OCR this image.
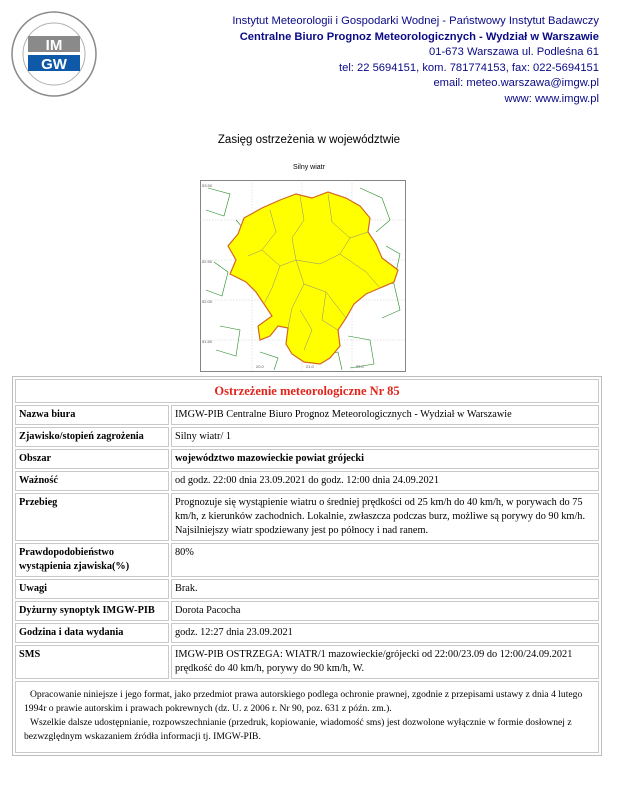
IM
GW
Instytut Meteorologii i Gospodarki Wodnej - Państwowy Instytut Badawczy
Centralne Biuro Prognoz Meteorologicznych - Wydział w Warszawie
01-673 Warszawa ul. Podleśna 61
tel: 22 5694151, kom. 781774153, fax: 022-5694151
email: meteo.warszawa@imgw.pl
www: www.imgw.pl
Zasięg ostrzeżenia w województwie
Silny wiatr
53.50
52.50
52.00
51.50
20.0	21.0	22.0
Ostrzeżenie meteorologiczne Nr 85	
Nazwa biura	IMGW-PIB Centralne Biuro Prognoz Meteorologicznych - Wydział w Warszawie
Zjawisko/stopień zagrożenia	Silny wiatr/ 1
Obszar	województwo mazowieckie powiat grójecki
Ważność	od godz. 22:00 dnia 23.09.2021 do godz. 12:00 dnia 24.09.2021
Przebieg	Prognozuje się wystąpienie wiatru o średniej prędkości od 25 km/h do 40 km/h, w porywach do 75 km/h, z kierunków zachodnich. Lokalnie, zwłaszcza podczas burz, możliwe są porywy do 90 km/h. Najsilniejszy wiatr spodziewany jest po północy i nad ranem.
Prawdopodobieństwo wystąpienia zjawiska(%)	80%
Uwagi	Brak.
Dyżurny synoptyk IMGW-PIB	Dorota Pacocha
Godzina i data wydania	godz. 12:27 dnia 23.09.2021
SMS	IMGW-PIB OSTRZEGA: WIATR/1 mazowieckie/grójecki od 22:00/23.09 do 12:00/24.09.2021 prędkość do 40 km/h, porywy do 90 km/h, W.

Opracowanie niniejsze i jego format, jako przedmiot prawa autorskiego podlega ochronie prawnej, zgodnie z przepisami ustawy z dnia 4 lutego 1994r o prawie autorskim i prawach pokrewnych (dz. U. z 2006 r. Nr 90, poz. 631 z późn. zm.).
Wszelkie dalsze udostępnianie, rozpowszechnianie (przedruk, kopiowanie, wiadomość sms) jest dozwolone wyłącznie w formie dosłownej z bezwzględnym wskazaniem źródła informacji tj. IMGW-PIB.	
